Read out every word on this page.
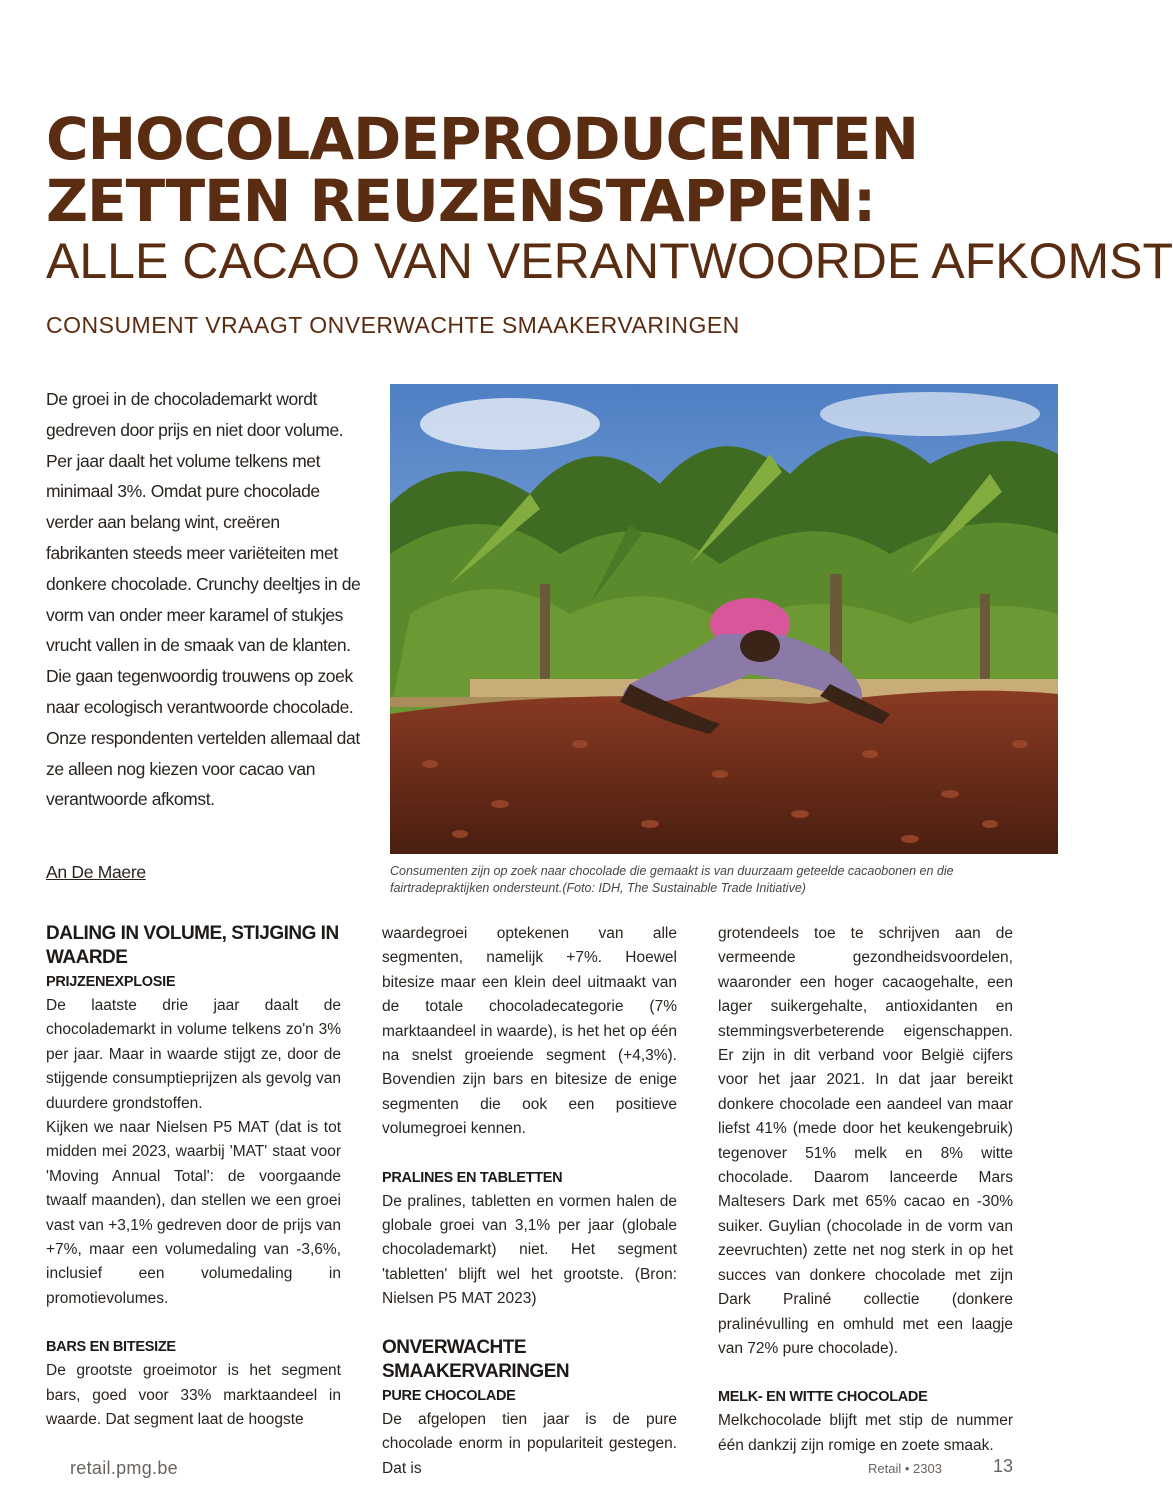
CHOCOLADEPRODUCENTEN
ZETTEN REUZENSTAPPEN:
ALLE CACAO VAN VERANTWOORDE AFKOMST
CONSUMENT VRAAGT ONVERWACHTE SMAAKERVARINGEN

De groei in de chocolademarkt wordt gedreven door prijs en niet door volume. Per jaar daalt het volume telkens met minimaal 3%. Omdat pure chocolade verder aan belang wint, creëren fabrikanten steeds meer variëteiten met donkere chocolade. Crunchy deeltjes in de vorm van onder meer karamel of stukjes vrucht vallen in de smaak van de klanten. Die gaan tegenwoordig trouwens op zoek naar ecologisch verantwoorde chocolade. Onze respondenten vertelden allemaal dat ze alleen nog kiezen voor cacao van verantwoorde afkomst.

An De Maere	Consumenten zijn op zoek naar chocolade die gemaakt is van duurzaam geteelde cacaobonen en die fairtradepraktijken ondersteunt.(Foto: IDH, The Sustainable Trade Initiative)

DALING IN VOLUME, STIJGING IN WAARDE
PRIJZENEXPLOSIE

De laatste drie jaar daalt de chocolademarkt in volume telkens zo'n 3% per jaar. Maar in waarde stijgt ze, door de stijgende consumptieprijzen als gevolg van duurdere grondstoffen.

Kijken we naar Nielsen P5 MAT (dat is tot midden mei 2023, waarbij 'MAT' staat voor 'Moving Annual Total': de voorgaande twaalf maanden), dan stellen we een groei vast van +3,1% gedreven door de prijs van +7%, maar een volumedaling van -3,6%, inclusief een volumedaling in promotievolumes.

BARS EN BITESIZE

De grootste groeimotor is het segment bars, goed voor 33% marktaandeel in waarde. Dat segment laat de hoogste

waardegroei optekenen van alle segmenten, namelijk +7%. Hoewel bitesize maar een klein deel uitmaakt van de totale chocoladecategorie (7% marktaandeel in waarde), is het het op één na snelst groeiende segment (+4,3%). Bovendien zijn bars en bitesize de enige segmenten die ook een positieve volumegroei kennen.

PRALINES EN TABLETTEN

De pralines, tabletten en vormen halen de globale groei van 3,1% per jaar (globale chocolademarkt) niet. Het segment 'tabletten' blijft wel het grootste. (Bron: Nielsen P5 MAT 2023)

ONVERWACHTE SMAAKERVARINGEN
PURE CHOCOLADE

De afgelopen tien jaar is de pure chocolade enorm in populariteit gestegen. Dat is

grotendeels toe te schrijven aan de vermeende gezondheidsvoordelen, waaronder een hoger cacaogehalte, een lager suikergehalte, antioxidanten en stemmingsverbeterende eigenschappen. Er zijn in dit verband voor België cijfers voor het jaar 2021. In dat jaar bereikt donkere chocolade een aandeel van maar liefst 41% (mede door het keukengebruik) tegenover 51% melk en 8% witte chocolade. Daarom lanceerde Mars Maltesers Dark met 65% cacao en -30% suiker. Guylian (chocolade in de vorm van zeevruchten) zette net nog sterk in op het succes van donkere chocolade met zijn Dark Praliné collectie (donkere pralinévulling en omhuld met een laagje van 72% pure chocolade).

MELK- EN WITTE CHOCOLADE

Melkchocolade blijft met stip de nummer één dankzij zijn romige en zoete smaak.

retail.pmg.be	Retail • 2303	13
